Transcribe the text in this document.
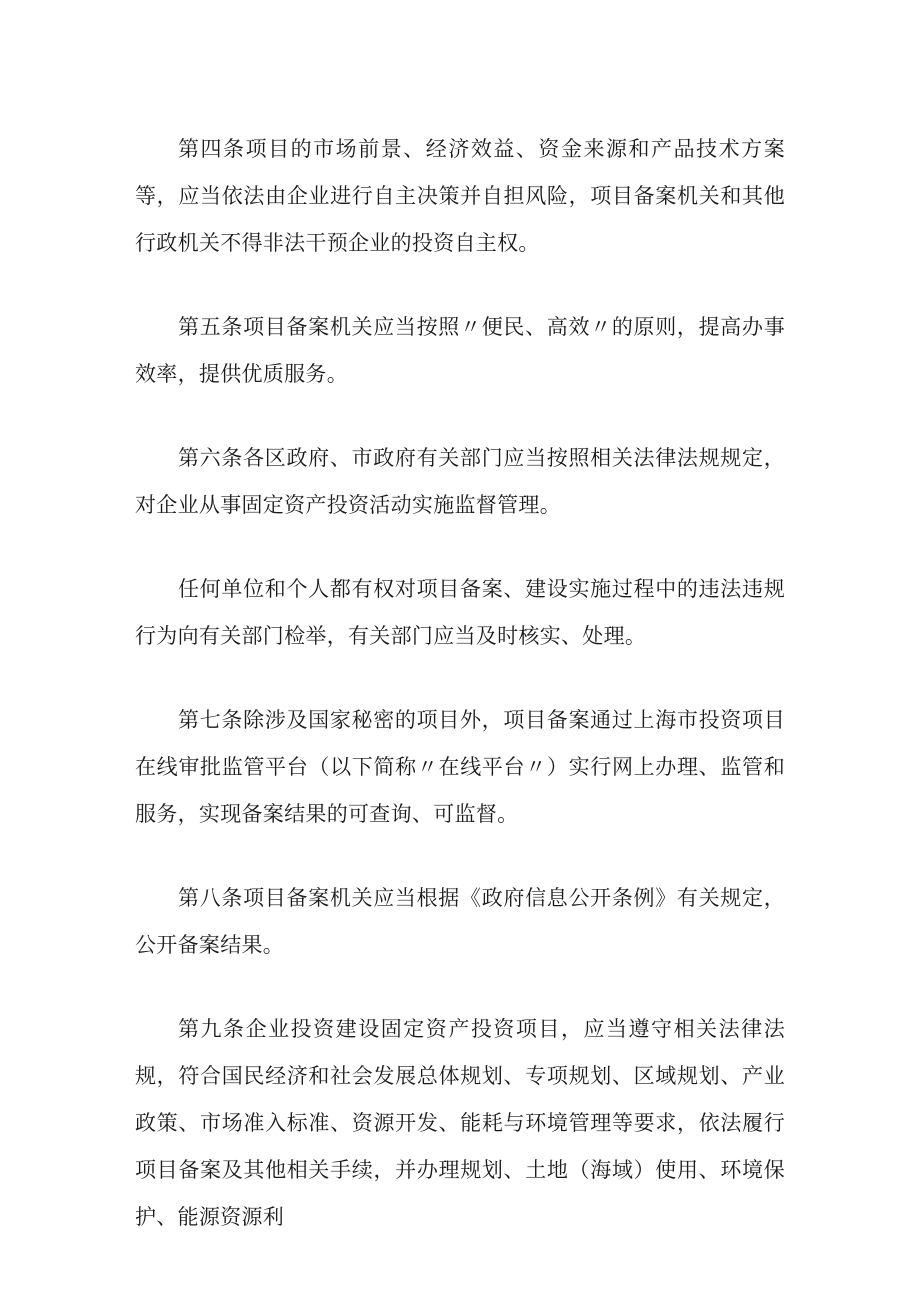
第四条项目的市场前景、经济效益、资金来源和产品技术方案等，应当依法由企业进行自主决策并自担风险，项目备案机关和其他行政机关不得非法干预企业的投资自主权。

第五条项目备案机关应当按照〃便民、高效〃的原则，提高办事效率，提供优质服务。

第六条各区政府、市政府有关部门应当按照相关法律法规规定，对企业从事固定资产投资活动实施监督管理。

任何单位和个人都有权对项目备案、建设实施过程中的违法违规行为向有关部门检举，有关部门应当及时核实、处理。

第七条除涉及国家秘密的项目外，项目备案通过上海市投资项目在线审批监管平台（以下简称〃在线平台〃）实行网上办理、监管和服务，实现备案结果的可查询、可监督。

第八条项目备案机关应当根据《政府信息公开条例》有关规定，公开备案结果。

第九条企业投资建设固定资产投资项目，应当遵守相关法律法规，符合国民经济和社会发展总体规划、专项规划、区域规划、产业政策、市场准入标准、资源开发、能耗与环境管理等要求，依法履行项目备案及其他相关手续，并办理规划、土地（海域）使用、环境保护、能源资源利
